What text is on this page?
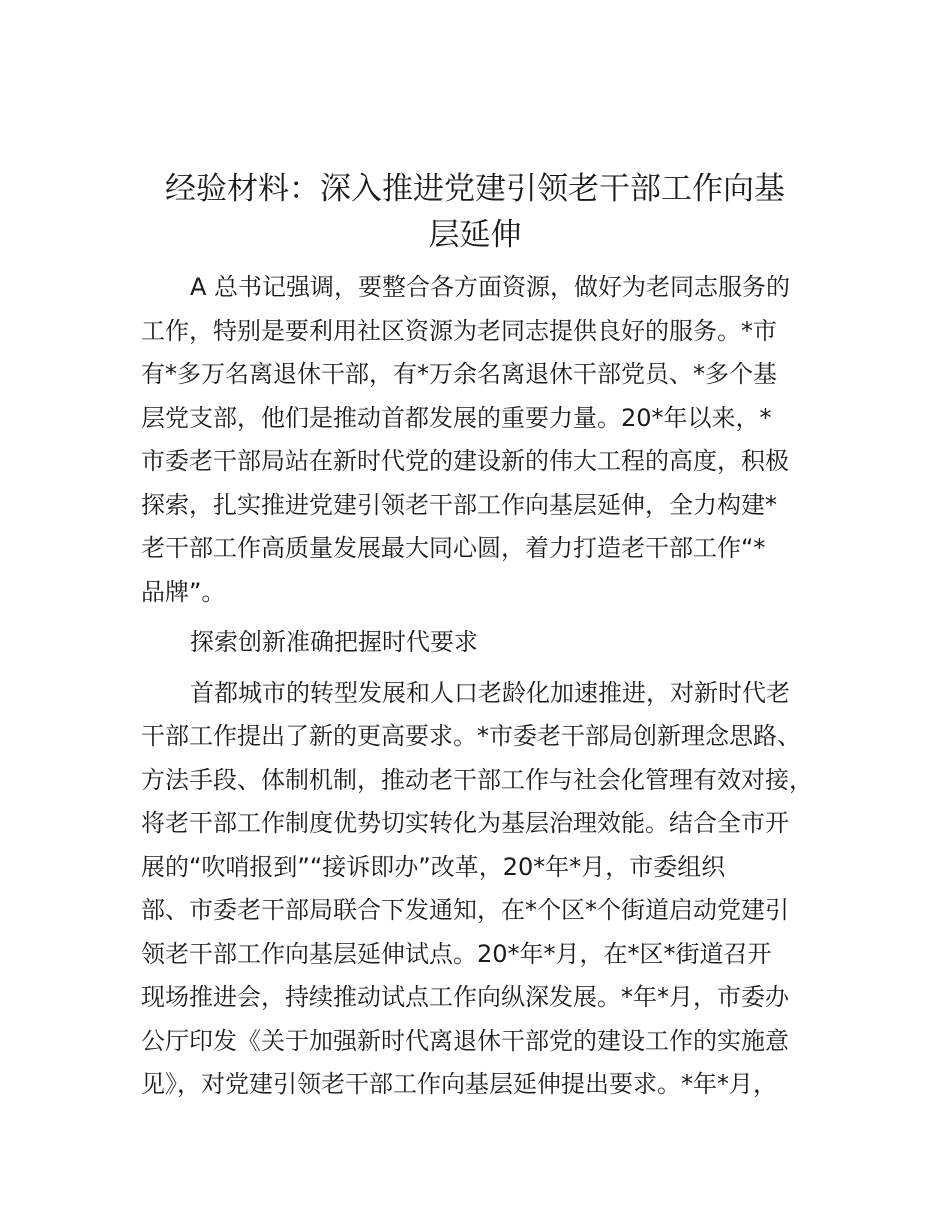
经验材料：深入推进党建引领老干部工作向基
层延伸

A 总书记强调，要整合各方面资源，做好为老同志服务的
工作，特别是要利用社区资源为老同志提供良好的服务。*市
有*多万名离退休干部，有*万余名离退休干部党员、*多个基
层党支部，他们是推动首都发展的重要力量。20*年以来，*
市委老干部局站在新时代党的建设新的伟大工程的高度，积极
探索，扎实推进党建引领老干部工作向基层延伸，全力构建*
老干部工作高质量发展最大同心圆，着力打造老干部工作“*
品牌”。

探索创新准确把握时代要求

首都城市的转型发展和人口老龄化加速推进，对新时代老
干部工作提出了新的更高要求。*市委老干部局创新理念思路、
方法手段、体制机制，推动老干部工作与社会化管理有效对接，
将老干部工作制度优势切实转化为基层治理效能。结合全市开
展的“吹哨报到”“接诉即办”改革，20*年*月，市委组织
部、市委老干部局联合下发通知，在*个区*个街道启动党建引
领老干部工作向基层延伸试点。20*年*月，在*区*街道召开
现场推进会，持续推动试点工作向纵深发展。*年*月，市委办
公厅印发《关于加强新时代离退休干部党的建设工作的实施意
见》，对党建引领老干部工作向基层延伸提出要求。*年*月，
